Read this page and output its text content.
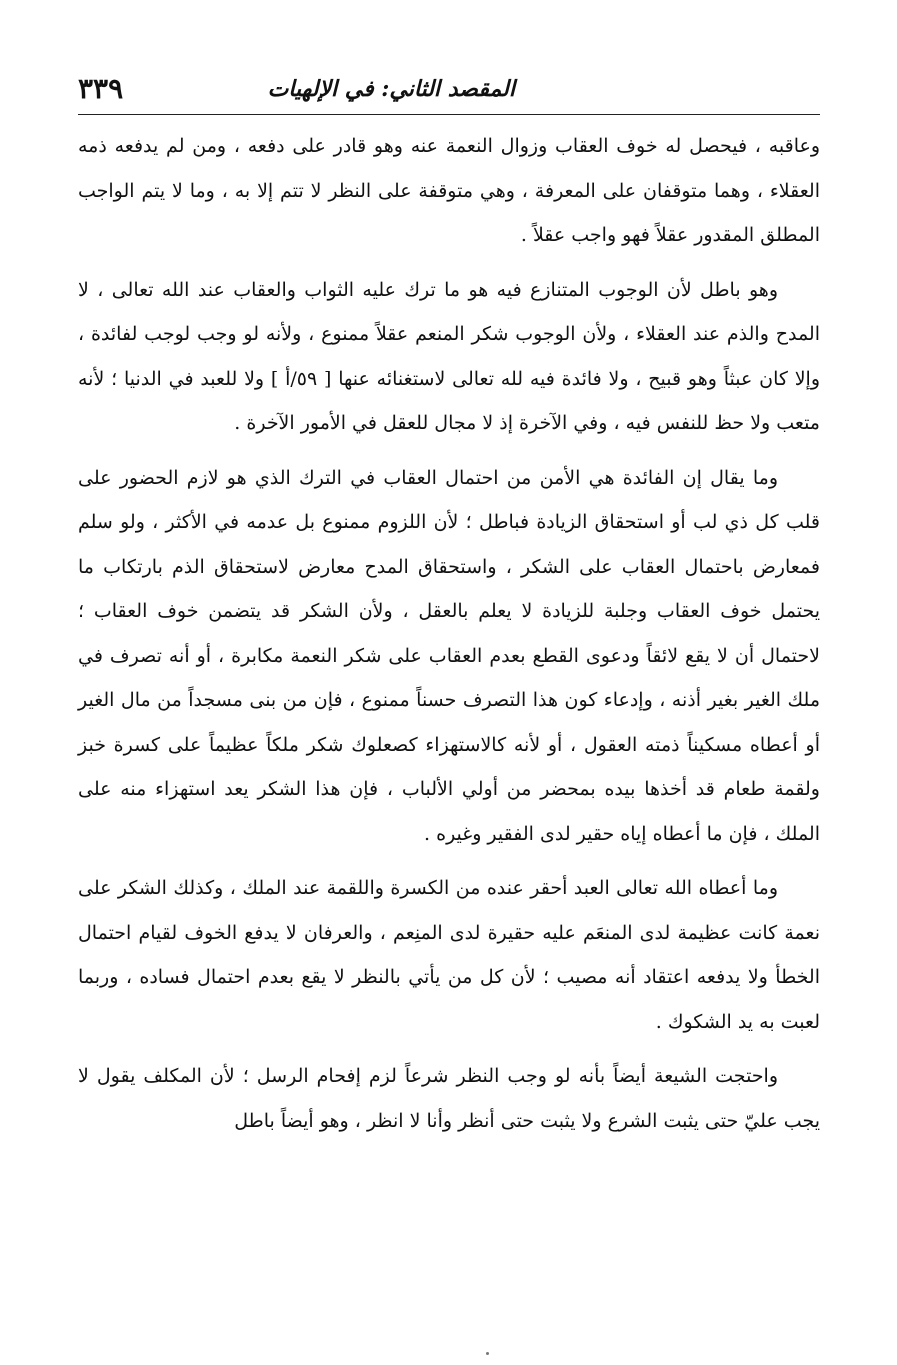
المقصد الثاني: في الإلهيات
٣٣٩

وعاقبه ، فيحصل له خوف العقاب وزوال النعمة عنه وهو قادر على دفعه ، ومن لم يدفعه ذمه العقلاء ، وهما متوقفان على المعرفة ، وهي متوقفة على النظر لا تتم إلا به ، وما لا يتم الواجب المطلق المقدور عقلاً فهو واجب عقلاً .

وهو باطل لأن الوجوب المتنازع فيه هو ما ترك عليه الثواب والعقاب عند الله تعالى ، لا المدح والذم عند العقلاء ، ولأن الوجوب شكر المنعم عقلاً ممنوع ، ولأنه لو وجب لوجب لفائدة ، وإلا كان عبثاً وهو قبيح ، ولا فائدة فيه لله تعالى لاستغنائه عنها [ ٥٩/أ ] ولا للعبد في الدنيا ؛ لأنه متعب ولا حظ للنفس فيه ، وفي الآخرة إذ لا مجال للعقل في الأمور الآخرة .

وما يقال إن الفائدة هي الأمن من احتمال العقاب في الترك الذي هو لازم الحضور على قلب كل ذي لب أو استحقاق الزيادة فباطل ؛ لأن اللزوم ممنوع بل عدمه في الأكثر ، ولو سلم فمعارض باحتمال العقاب على الشكر ، واستحقاق المدح معارض لاستحقاق الذم بارتكاب ما يحتمل خوف العقاب وجلبة للزيادة لا يعلم بالعقل ، ولأن الشكر قد يتضمن خوف العقاب ؛ لاحتمال أن لا يقع لائقاً ودعوى القطع بعدم العقاب على شكر النعمة مكابرة ، أو أنه تصرف في ملك الغير بغير أذنه ، وإدعاء كون هذا التصرف حسناً ممنوع ، فإن من بنى مسجداً من مال الغير أو أعطاه مسكيناً ذمته العقول ، أو لأنه كالاستهزاء كصعلوك شكر ملكاً عظيماً على كسرة خبز ولقمة طعام قد أخذها بيده بمحضر من أولي الألباب ، فإن هذا الشكر يعد استهزاء منه على الملك ، فإن ما أعطاه إياه حقير لدى الفقير وغيره .

وما أعطاه الله تعالى العبد أحقر عنده من الكسرة واللقمة عند الملك ، وكذلك الشكر على نعمة كانت عظيمة لدى المنعَم عليه حقيرة لدى المنِعم ، والعرفان لا يدفع الخوف لقيام احتمال الخطأ ولا يدفعه اعتقاد أنه مصيب ؛ لأن كل من يأتي بالنظر لا يقع بعدم احتمال فساده ، وربما لعبت به يد الشكوك .

واحتجت الشيعة أيضاً بأنه لو وجب النظر شرعاً لزم إفحام الرسل ؛ لأن المكلف يقول لا يجب عليّ حتى يثبت الشرع ولا يثبت حتى أنظر وأنا لا انظر ، وهو أيضاً باطل
